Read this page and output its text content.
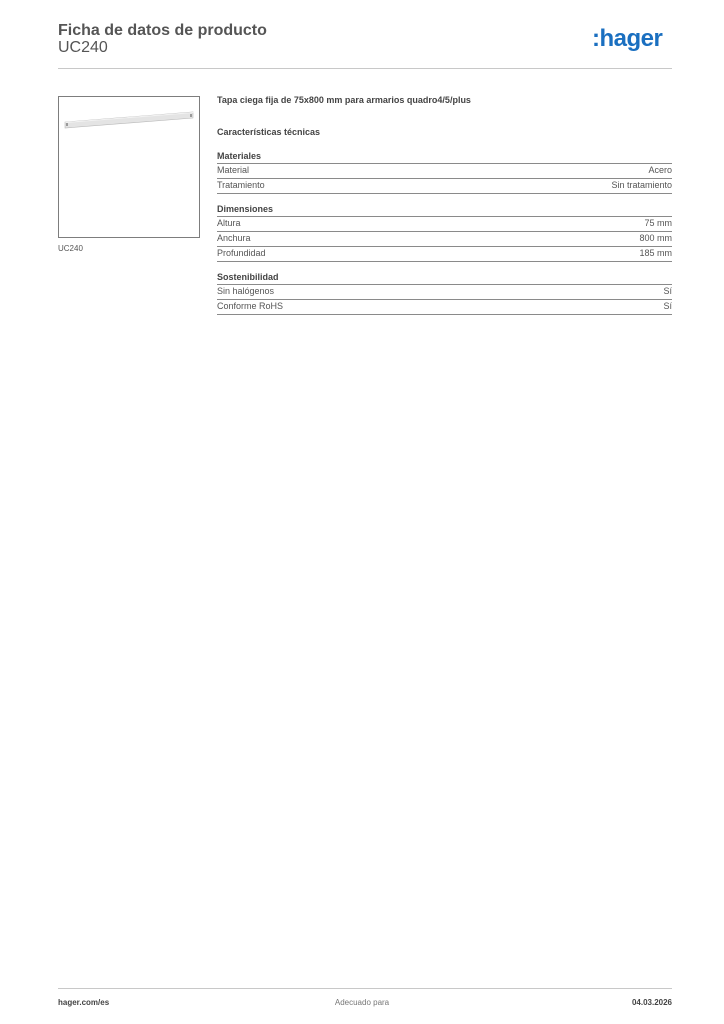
Ficha de datos de producto
UC240	:hager
UC240

Tapa ciega fija de 75x800 mm para armarios quadro4/5/plus

Características técnicas

Materiales
Material	Acero
Tratamiento	Sin tratamiento
Dimensiones
Altura	75 mm
Anchura	800 mm
Profundidad	185 mm
Sostenibilidad
Sin halógenos	Sí
Conforme RoHS	Sí
hager.com/es	Adecuado para	04.03.2026
